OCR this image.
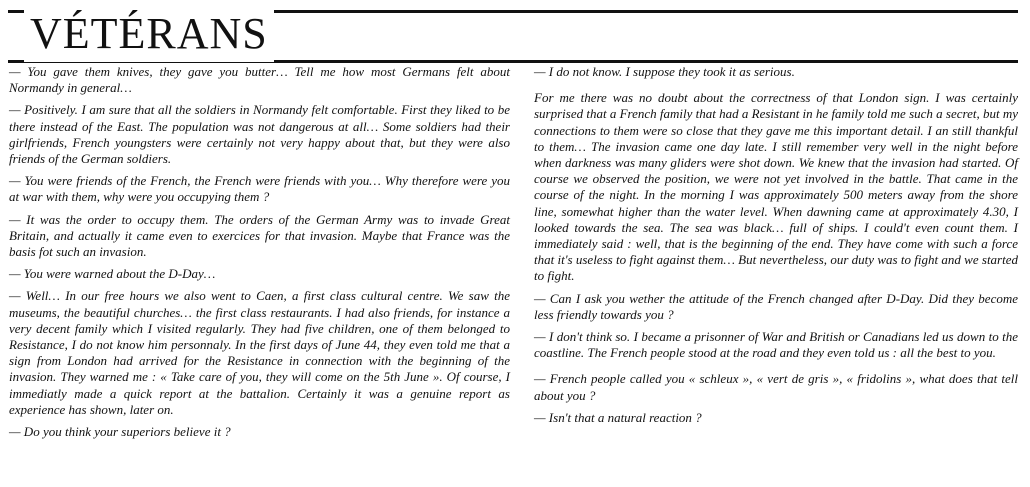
VÉTÉRANS

— You gave them knives, they gave you butter… Tell me how most Germans felt about Normandy in general…

— Positively. I am sure that all the soldiers in Normandy felt comfortable. First they liked to be there instead of the East. The population was not dangerous at all… Some soldiers had their girlfriends, French youngsters were certainly not very happy about that, but they were also friends of the German soldiers.

— You were friends of the French, the French were friends with you… Why therefore were you at war with them, why were you occupying them ?

— It was the order to occupy them. The orders of the German Army was to invade Great Britain, and actually it came even to exercices for that invasion. Maybe that France was the basis fot such an invasion.

— You were warned about the D-Day…

— Well… In our free hours we also went to Caen, a first class cultural centre. We saw the museums, the beautiful churches… the first class restaurants. I had also friends, for instance a very decent family which I visited regularly. They had five children, one of them belonged to Resistance, I do not know him personnaly. In the first days of June 44, they even told me that a sign from London had arrived for the Resistance in connection with the beginning of the invasion. They warned me : « Take care of you, they will come on the 5th June ». Of course, I immediatly made a quick report at the battalion. Certainly it was a genuine report as experience has shown, later on.

— Do you think your superiors believe it ?

— I do not know. I suppose they took it as serious.

For me there was no doubt about the correctness of that London sign. I was certainly surprised that a French family that had a Resistant in he family told me such a secret, but my connections to them were so close that they gave me this important detail. I an still thankful to them… The invasion came one day late. I still remember very well in the night before when darkness was many gliders were shot down. We knew that the invasion had started. Of course we observed the position, we were not yet involved in the battle. That came in the course of the night. In the morning I was approximately 500 meters away from the shore line, somewhat higher than the water level. When dawning came at approximately 4.30, I looked towards the sea. The sea was black… full of ships. I could't even count them. I immediately said : well, that is the beginning of the end. They have come with such a force that it's useless to fight against them… But nevertheless, our duty was to fight and we started to fight.

— Can I ask you wether the attitude of the French changed after D-Day. Did they become less friendly towards you ?

— I don't think so. I became a prisonner of War and British or Canadians led us down to the coastline. The French people stood at the road and they even told us : all the best to you.

— French people called you « schleux », « vert de gris », « fridolins », what does that tell about you ?

— Isn't that a natural reaction ?
